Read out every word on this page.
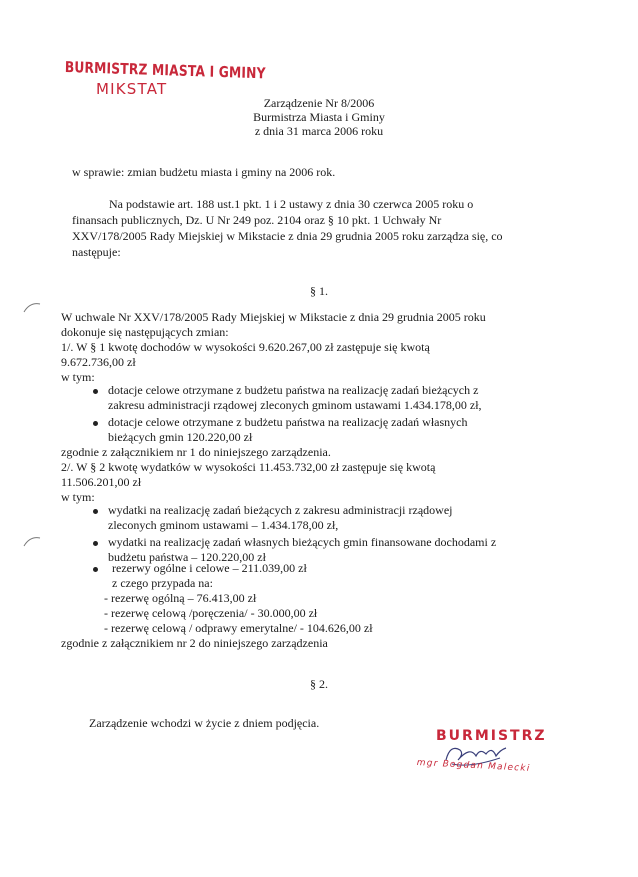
BURMISTRZ MIASTA I GMINY
MIKSTAT
Zarządzenie Nr 8/2006
Burmistrza Miasta i Gminy
z dnia 31 marca 2006 roku
w sprawie: zmian budżetu miasta i gminy na 2006 rok.
Na podstawie art. 188 ust.1 pkt. 1 i 2 ustawy z dnia 30 czerwca 2005 roku o
finansach publicznych, Dz. U Nr 249 poz. 2104 oraz § 10 pkt. 1 Uchwały Nr
XXV/178/2005 Rady Miejskiej w Mikstacie z dnia 29 grudnia 2005 roku zarządza się, co
następuje:
§ 1.
W uchwale Nr XXV/178/2005 Rady Miejskiej w Mikstacie z dnia 29 grudnia 2005 roku
dokonuje się następujących zmian:
1/. W § 1 kwotę dochodów w wysokości 9.620.267,00 zł zastępuje się kwotą
9.672.736,00 zł
w tym:
dotacje celowe otrzymane z budżetu państwa na realizację zadań bieżących z
zakresu administracji rządowej zleconych gminom ustawami 1.434.178,00 zł,
dotacje celowe otrzymane z budżetu państwa na realizację zadań własnych
bieżących gmin 120.220,00 zł
zgodnie z załącznikiem nr 1 do niniejszego zarządzenia.
2/. W § 2 kwotę wydatków w wysokości 11.453.732,00 zł zastępuje się kwotą
11.506.201,00 zł
w tym:
wydatki na realizację zadań bieżących z zakresu administracji rządowej
zleconych gminom ustawami – 1.434.178,00 zł,
wydatki na realizację zadań własnych bieżących gmin finansowane dochodami z
budżetu państwa – 120.220,00 zł
rezerwy ogólne i celowe – 211.039,00 zł
z czego przypada na:
- rezerwę ogólną – 76.413,00 zł
- rezerwę celową /poręczenia/ - 30.000,00 zł
- rezerwę celową / odprawy emerytalne/ - 104.626,00 zł
zgodnie z załącznikiem nr 2 do niniejszego zarządzenia
§ 2.
Zarządzenie wchodzi w życie z dniem podjęcia.
BURMISTRZ
mgr Bogdan Malecki
